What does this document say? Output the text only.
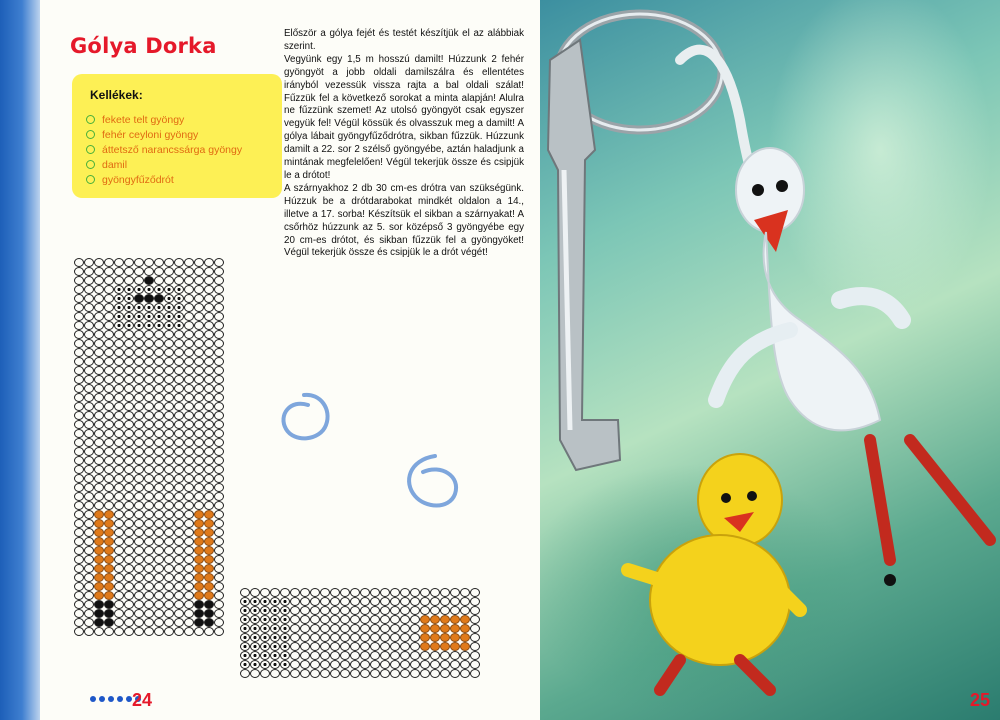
Gólya Dorka
Kellékek:
fekete telt gyöngy
fehér ceyloni gyöngy
áttetsző narancssárga gyöngy
damil
gyöngyfűződrót

Először a gólya fejét és testét készítjük el az alábbiak szerint.

Vegyünk egy 1,5 m hosszú damilt! Húzzunk 2 fehér gyöngyöt a jobb oldali damilszálra és ellentétes irányból vezessük vissza rajta a bal oldali szálat! Fűzzük fel a következő sorokat a minta alapján! Alulra ne fűzzünk szemet! Az utolsó gyöngyöt csak egyszer vegyük fel! Végül kössük és olvasszuk meg a damilt! A gólya lábait gyöngyfűződrótra, sikban fűzzük. Húzzunk damilt a 22. sor 2 szélső gyöngyébe, aztán haladjunk a mintának megfelelően! Végül tekerjük össze és csipjük le a drótot!

A szárnyakhoz 2 db 30 cm-es drótra van szükségünk. Húzzuk be a drótdarabokat mindkét oldalon a 14., illetve a 17. sorba! Készítsük el sikban a szárnyakat! A csőrhöz húzzunk az 5. sor középső 3 gyöngyébe egy 20 cm-es drótot, és sikban fűzzük fel a gyöngyöket! Végül tekerjük össze és csipjük le a drót végét!

24	25
